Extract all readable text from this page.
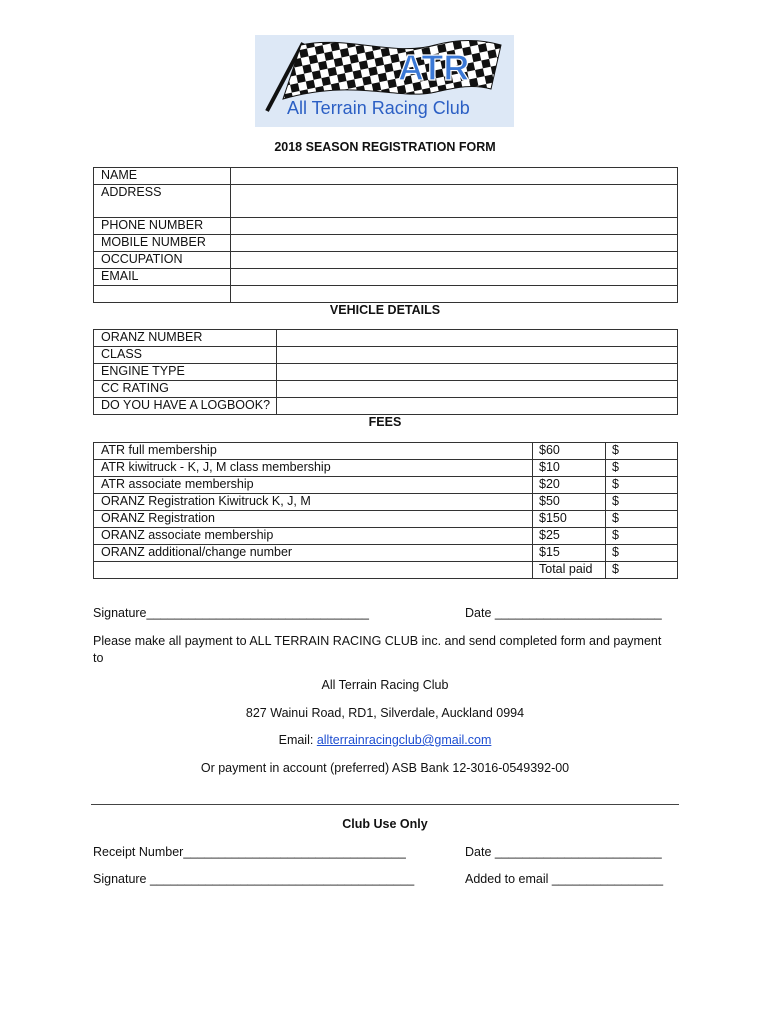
ATR
All Terrain Racing Club
2018 SEASON REGISTRATION FORM
NAME	
ADDRESS	
PHONE NUMBER	
MOBILE NUMBER	
OCCUPATION	
EMAIL	

VEHICLE DETAILS
ORANZ NUMBER	
CLASS	
ENGINE TYPE	
CC RATING	
DO YOU HAVE A LOGBOOK?	
FEES
ATR full membership	$60	$
ATR kiwitruck - K, J, M class membership	$10	$
ATR associate membership	$20	$
ORANZ Registration Kiwitruck K, J, M	$50	$
ORANZ Registration	$150	$
ORANZ associate membership	$25	$
ORANZ additional/change number	$15	$
	Total paid	$
Signature________________________________	Date ________________________
Please make all payment to ALL TERRAIN RACING CLUB inc. and send completed form and payment
to
All Terrain Racing Club
827 Wainui Road, RD1, Silverdale, Auckland 0994
Email: allterrainracingclub@gmail.com
Or payment in account (preferred) ASB Bank 12-3016-0549392-00
Club Use Only
Receipt Number________________________________	Date ________________________
Signature ______________________________________	Added to email ________________
